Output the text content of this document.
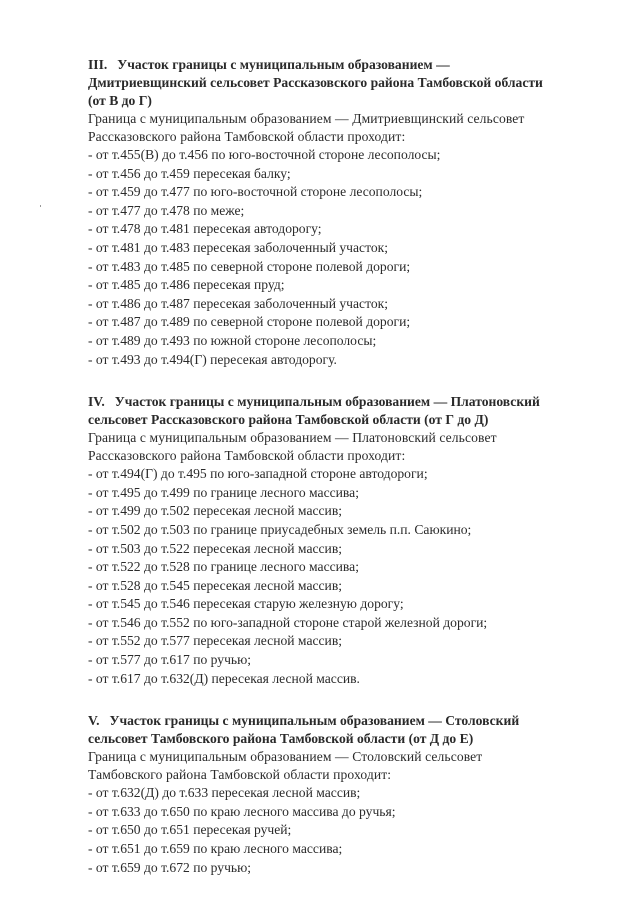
III. Участок границы с муниципальным образованием —
Дмитриевщинский сельсовет Рассказовского района Тамбовской области
(от В до Г)

Граница с муниципальным образованием — Дмитриевщинский сельсовет
Рассказовского района Тамбовской области проходит:

- от т.455(В) до т.456 по юго-восточной стороне лесополосы;
- от т.456 до т.459 пересекая балку;
- от т.459 до т.477 по юго-восточной стороне лесополосы;
- от т.477 до т.478 по меже;
- от т.478 до т.481 пересекая автодорогу;
- от т.481 до т.483 пересекая заболоченный участок;
- от т.483 до т.485 по северной стороне полевой дороги;
- от т.485 до т.486 пересекая пруд;
- от т.486 до т.487 пересекая заболоченный участок;
- от т.487 до т.489 по северной стороне полевой дороги;
- от т.489 до т.493 по южной стороне лесополосы;
- от т.493 до т.494(Г) пересекая автодорогу.

IV. Участок границы с муниципальным образованием — Платоновский
сельсовет Рассказовского района Тамбовской области (от Г до Д)

Граница с муниципальным образованием — Платоновский сельсовет
Рассказовского района Тамбовской области проходит:

- от т.494(Г) до т.495 по юго-западной стороне автодороги;
- от т.495 до т.499 по границе лесного массива;
- от т.499 до т.502 пересекая лесной массив;
- от т.502 до т.503 по границе приусадебных земель п.п. Саюкино;
- от т.503 до т.522 пересекая лесной массив;
- от т.522 до т.528 по границе лесного массива;
- от т.528 до т.545 пересекая лесной массив;
- от т.545 до т.546 пересекая старую железную дорогу;
- от т.546 до т.552 по юго-западной стороне старой железной дороги;
- от т.552 до т.577 пересекая лесной массив;
- от т.577 до т.617 по ручью;
- от т.617 до т.632(Д) пересекая лесной массив.

V. Участок границы с муниципальным образованием — Столовский
сельсовет Тамбовского района Тамбовской области (от Д до Е)

Граница с муниципальным образованием — Столовский сельсовет
Тамбовского района Тамбовской области проходит:

- от т.632(Д) до т.633 пересекая лесной массив;
- от т.633 до т.650 по краю лесного массива до ручья;
- от т.650 до т.651 пересекая ручей;
- от т.651 до т.659 по краю лесного массива;
- от т.659 до т.672 по ручью;
